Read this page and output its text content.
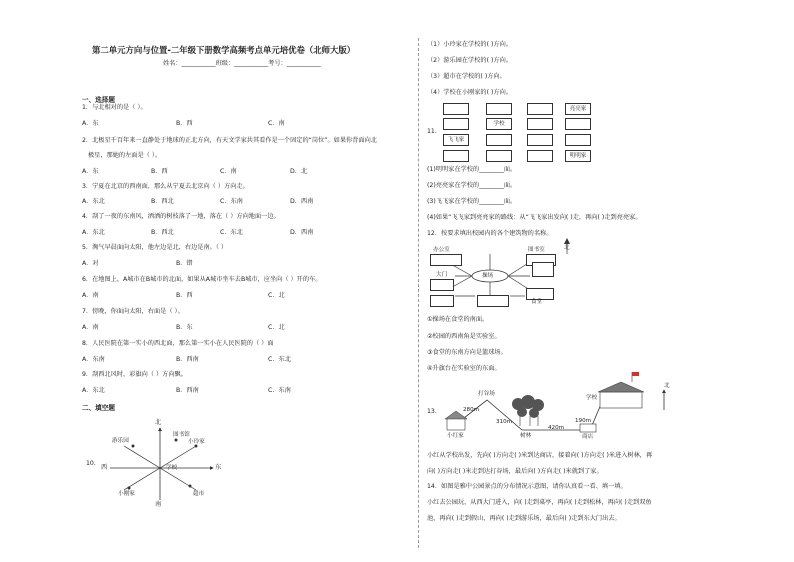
第二单元方向与位置-二年级下册数学高频考点单元培优卷（北师大版）
姓名：___________班级：___________考号：___________
一、选择题
1．与北相对的是（ ）。
A．东	B．西	C．南
2．北极星千百年来一直静处于地球的正北方向，有天文学家共其看作是一个固定的“岗位”。如果你背面向北
极星，那她的左面是（ ）。
A．东	B．西	C．南	D．北
3．宁夏在北京的西南面，那么从宁夏去北京向（ ）方向走。
A．东北	B．西北	C．东南	D．西南
4．刮了一夜的东南风，洒洒的树枝落了一地，落在（ ）方向地面一边。
A．东北	B．西北	C．东北	D．西南
5．淘气早晨面向太阳，他左边是北，右边是南。（ ）
A．对	B．错
6．在地图上，A城市在B城市的北面，如果从A城市坐车去B城市，应坐向（ ）开的车。
A．南	B．西	C．北
7．傍晚，你面向太阳，右面是（ ）。
A．南	B．东	C．北
8．人民医院在第一实小的西北面，那么第一实小在人民医院的（ ）面
A．东南	B．西南	C．东北
9．刮西北风时，彩旗向（ ）方向飘。
A．东北	B．西南	C．东南
二、填空题
10.
北
南
东
西	学校
图书馆
小玲家
游乐园
超市
小刚家
（1）小玲家在学校的( )方向。
（2）游乐园在学校的( )方向。
（3）超市在学校的( )方向。
（4）学校在小刚家的( )方向。
11.
亮亮家
学校
飞飞家
明明家
(1)明明家在学校的________面。
(2)亮亮家在学校的________面。
(3)飞飞家在学校的________面。
(4)如果“飞飞家到亮亮家的路线：从“飞飞家出发向( )走，再向( )走到亮亮家。
12．按要求填出校园内的各个建筑物的名称。
办公室	图书室
大门	操场
食堂
北
①操场在食堂的南面。
②校园的西南角是实验室。
③食堂的东南方向是篮球场。
④升旗台在实验室的东面。
13.
打谷场
小红家	树林
学校
商店
北
280m
310m
420m
190m
小红从学校出发，先向( )方向走( )米到达商店，接着向( )方向走( )米进入树林，再
向( )方向走( )米走到达打谷场，最后向( )方向走( )米就到了家。
14．如图是雅中公园景点的分布情况示意图，请你认真看一看、填一填。
小红去公园玩，从西大门进入，向( )走到桌亭，再向( )走到松林，再向( )走到双鱼
池，再向( )走到假山，再向( )走到游乐场，最后向( )走到东大门出去。
